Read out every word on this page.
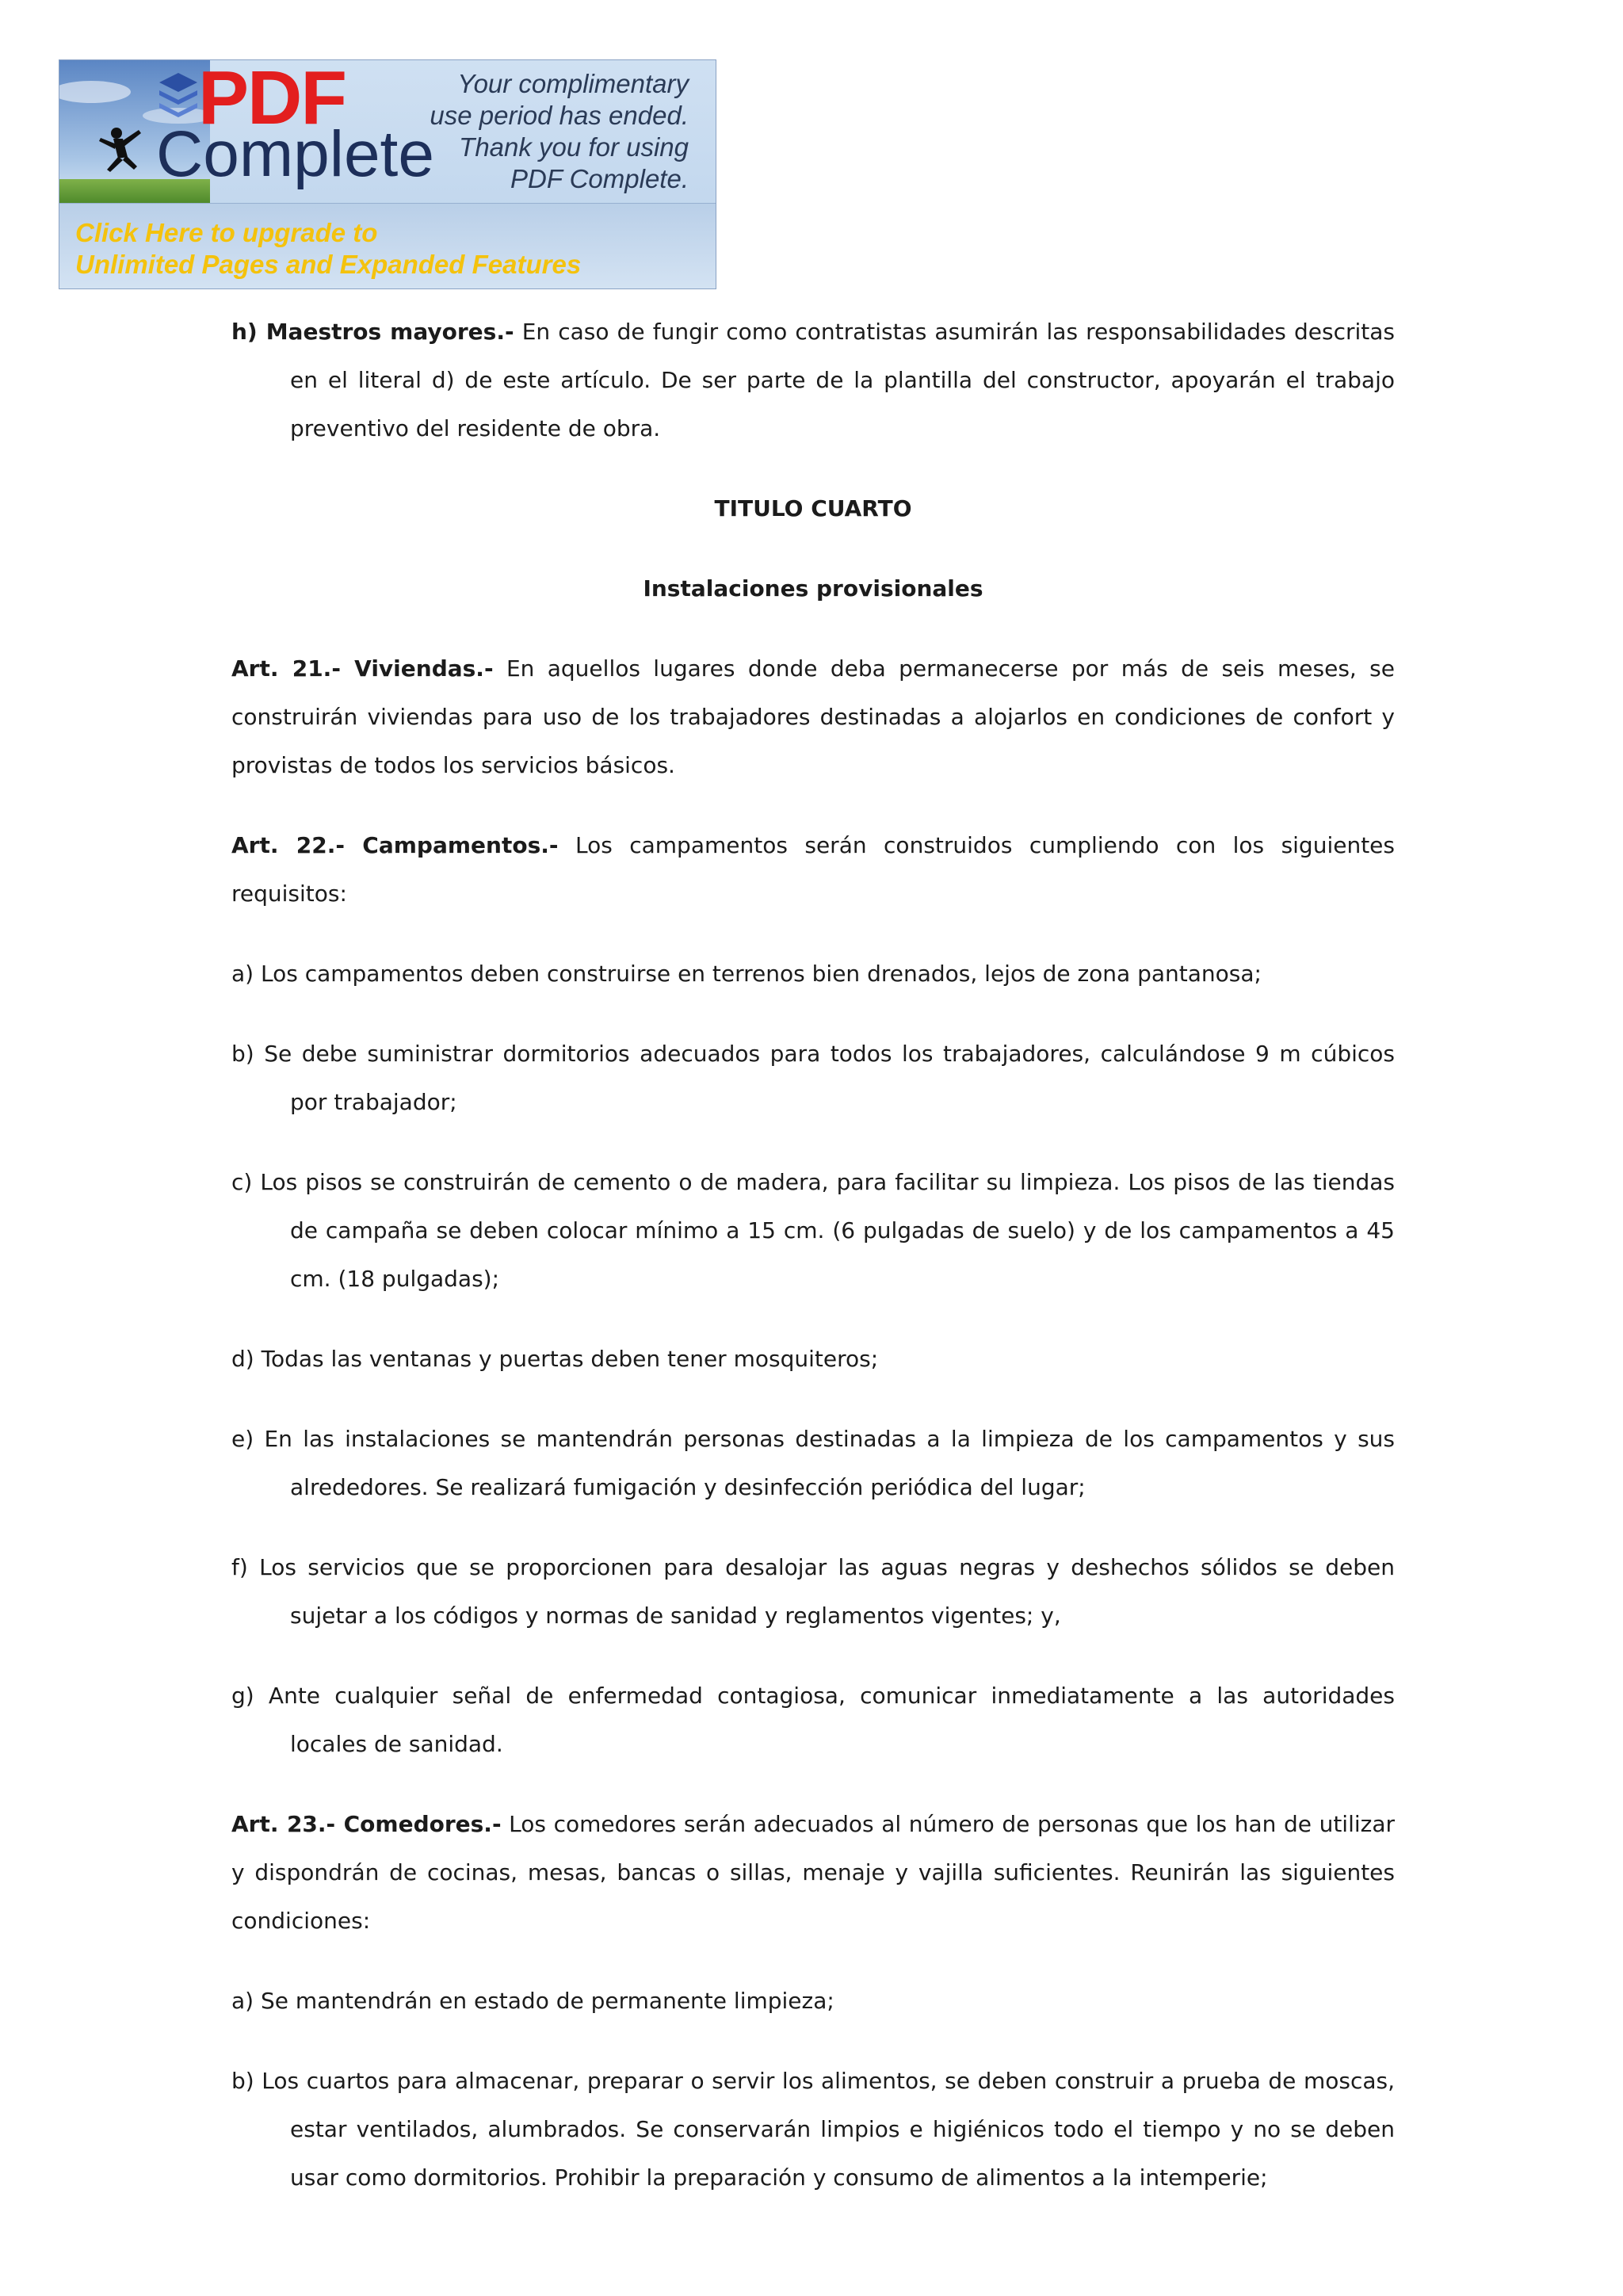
PDF
Complete
Your complimentary
use period has ended.
Thank you for using
PDF Complete.
Click Here to upgrade to
Unlimited Pages and Expanded Features

h) Maestros mayores.- En caso de fungir como contratistas asumirán las responsabilidades descritas en el literal d) de este artículo. De ser parte de la plantilla del constructor, apoyarán el trabajo preventivo del residente de obra.

TITULO CUARTO
Instalaciones provisionales

Art. 21.- Viviendas.- En aquellos lugares donde deba permanecerse por más de seis meses, se construirán viviendas para uso de los trabajadores destinadas a alojarlos en condiciones de confort y provistas de todos los servicios básicos.

Art. 22.- Campamentos.- Los campamentos serán construidos cumpliendo con los siguientes requisitos:

a) Los campamentos deben construirse en terrenos bien drenados, lejos de zona pantanosa;

b) Se debe suministrar dormitorios adecuados para todos los trabajadores, calculándose 9 m cúbicos por trabajador;

c) Los pisos se construirán de cemento o de madera, para facilitar su limpieza. Los pisos de las tiendas de campaña se deben colocar mínimo a 15 cm. (6 pulgadas de suelo) y de los campamentos a 45 cm. (18 pulgadas);

d) Todas las ventanas y puertas deben tener mosquiteros;

e) En las instalaciones se mantendrán personas destinadas a la limpieza de los campamentos y sus alrededores. Se realizará fumigación y desinfección periódica del lugar;

f) Los servicios que se proporcionen para desalojar las aguas negras y deshechos sólidos se deben sujetar a los códigos y normas de sanidad y reglamentos vigentes; y,

g) Ante cualquier señal de enfermedad contagiosa, comunicar inmediatamente a las autoridades locales de sanidad.

Art. 23.- Comedores.- Los comedores serán adecuados al número de personas que los han de utilizar y dispondrán de cocinas, mesas, bancas o sillas, menaje y vajilla suficientes. Reunirán las siguientes condiciones:

a) Se mantendrán en estado de permanente limpieza;

b) Los cuartos para almacenar, preparar o servir los alimentos, se deben construir a prueba de moscas, estar ventilados, alumbrados. Se conservarán limpios e higiénicos todo el tiempo y no se deben usar como dormitorios. Prohibir la preparación y consumo de alimentos a la intemperie;
